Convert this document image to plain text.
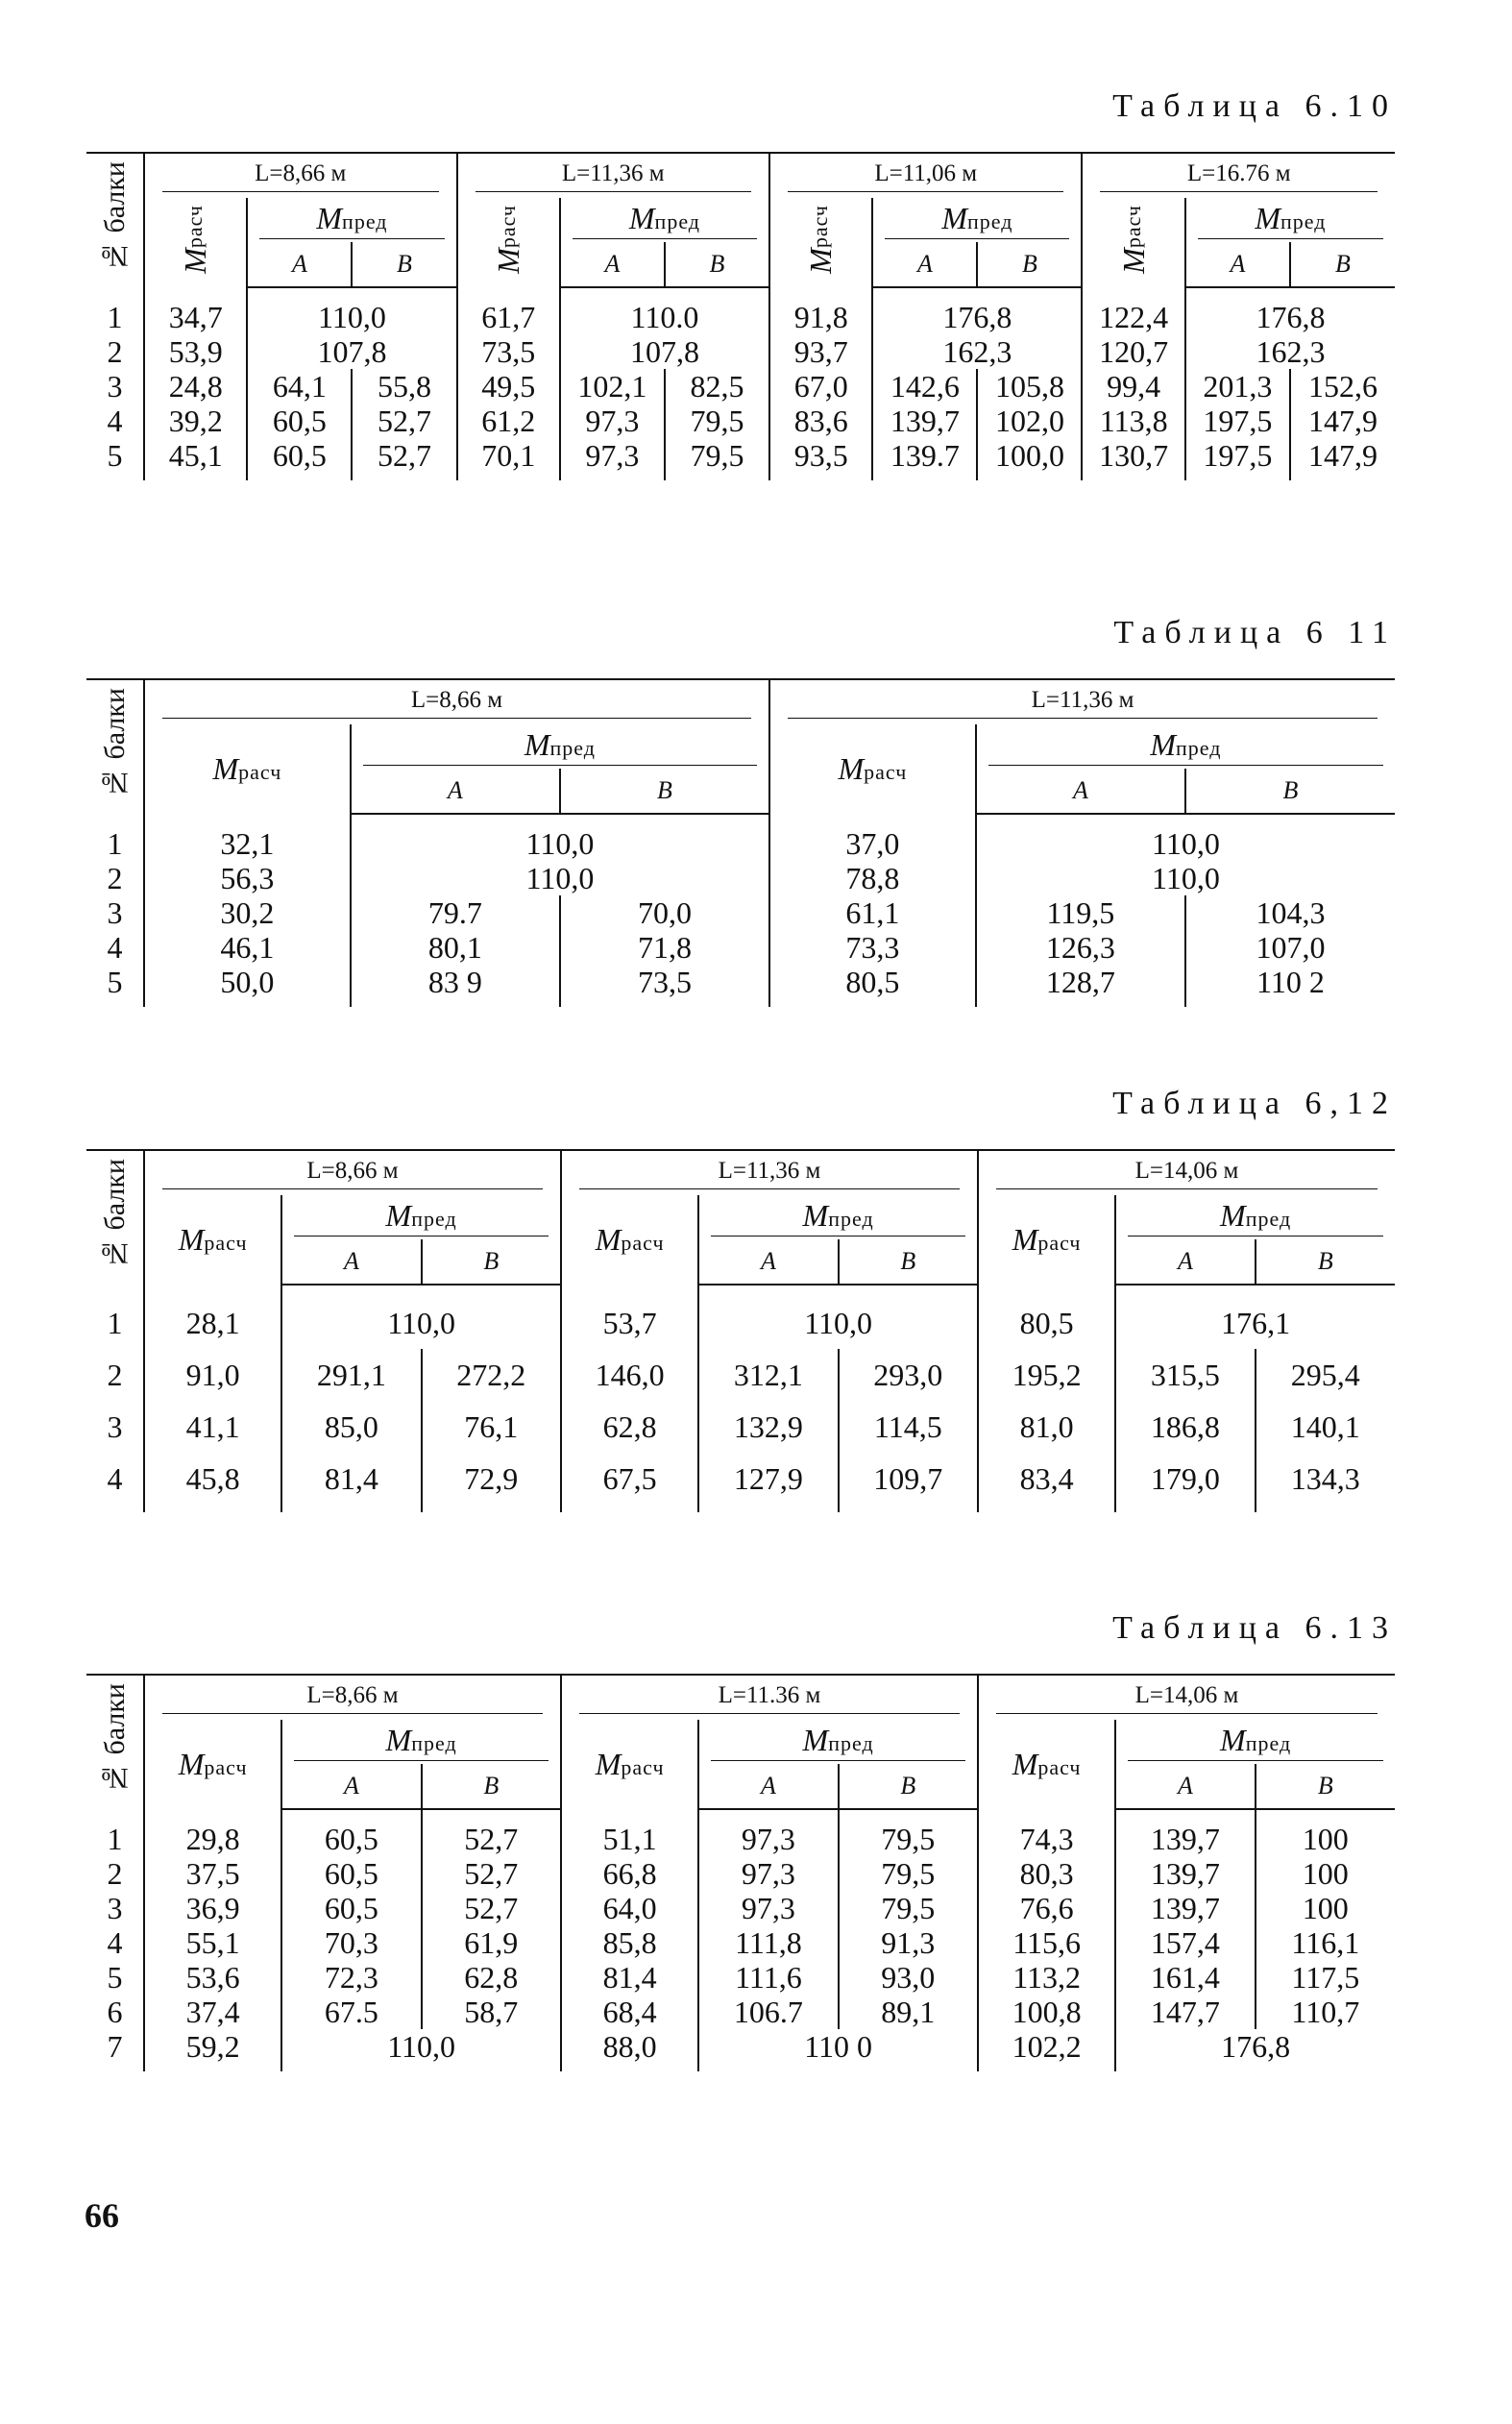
Таблица 6.10
№ балки	L=8,66 м			L=11,36 м			L=11,06 м			L=16.76 м		

	Mрасч	Mпред		Mрасч	Mпред		Mрасч	Mпред		Mрасч	Mпред	

		A	B		A	B		A	B		A	B
1	34,7	110,0		61,7	110.0		91,8	176,8		122,4	176,8	
2	53,9	107,8		73,5	107,8		93,7	162,3		120,7	162,3	
3	24,8	64,1	55,8	49,5	102,1	82,5	67,0	142,6	105,8	99,4	201,3	152,6
4	39,2	60,5	52,7	61,2	97,3	79,5	83,6	139,7	102,0	113,8	197,5	147,9
5	45,1	60,5	52,7	70,1	97,3	79,5	93,5	139.7	100,0	130,7	197,5	147,9
Таблица 6 11
№ балки	L=8,66 м			L=11,36 м		

	Mрасч	Mпред		Mрасч	Mпред	

		A	B		A	B
1	32,1	110,0		37,0	110,0	
2	56,3	110,0		78,8	110,0	
3	30,2	79.7	70,0	61,1	119,5	104,3
4	46,1	80,1	71,8	73,3	126,3	107,0
5	50,0	83 9	73,5	80,5	128,7	110 2
Таблица 6,12
№ балки	L=8,66 м			L=11,36 м			L=14,06 м		

	Mрасч	Mпред		Mрасч	Mпред		Mрасч	Mпред	

		A	B		A	B		A	B
1	28,1	110,0		53,7	110,0		80,5	176,1	
2	91,0	291,1	272,2	146,0	312,1	293,0	195,2	315,5	295,4
3	41,1	85,0	76,1	62,8	132,9	114,5	81,0	186,8	140,1
4	45,8	81,4	72,9	67,5	127,9	109,7	83,4	179,0	134,3
Таблица 6.13
№ балки	L=8,66 м			L=11.36 м			L=14,06 м		

	Mрасч	Mпред		Mрасч	Mпред		Mрасч	Mпред	

		A	B		A	B		A	B
1	29,8	60,5	52,7	51,1	97,3	79,5	74,3	139,7	100
2	37,5	60,5	52,7	66,8	97,3	79,5	80,3	139,7	100
3	36,9	60,5	52,7	64,0	97,3	79,5	76,6	139,7	100
4	55,1	70,3	61,9	85,8	111,8	91,3	115,6	157,4	116,1
5	53,6	72,3	62,8	81,4	111,6	93,0	113,2	161,4	117,5
6	37,4	67.5	58,7	68,4	106.7	89,1	100,8	147,7	110,7
7	59,2	110,0		88,0	110 0		102,2	176,8	
66
